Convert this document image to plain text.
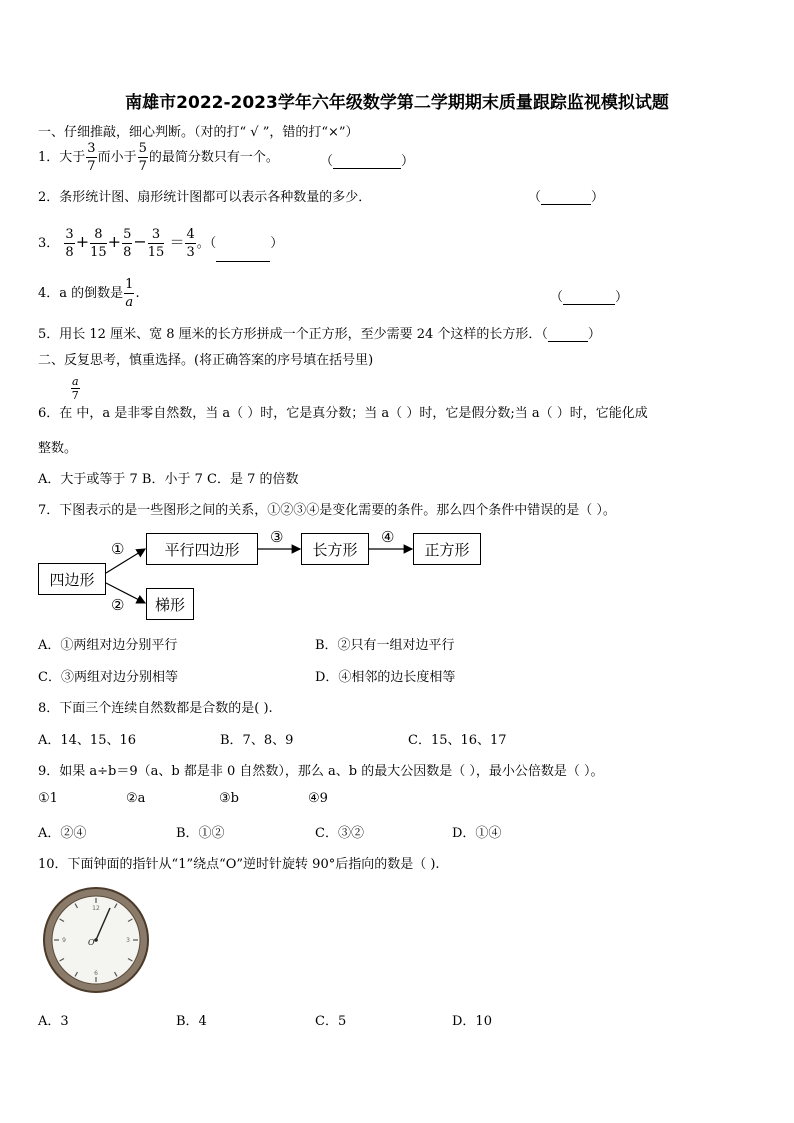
南雄市2022-2023学年六年级数学第二学期期末质量跟踪监视模拟试题
一、仔细推敲，细心判断。（对的打“ √ ”，错的打“×”）
1．大于 $\frac{3}{7}$ 而小于 $\frac{5}{7}$ 的最简分数只有一个。	（	）
2．条形统计图、扇形统计图都可以表示各种数量的多少．	（	）
3． $\frac{3}{8} + \frac{8}{15} + \frac{5}{8} - \frac{3}{15} = \frac{4}{3}$ 。（	）
4．a 的倒数是 $\frac{1}{a}$ .	（	）
5．用长 12 厘米、宽 8 厘米的长方形拼成一个正方形，至少需要 24 个这样的长方形．（	）
二、反复思考，慎重选择。(将正确答案的序号填在括号里)
a
7
6．在 中，a 是非零自然数，当 a（ ）时，它是真分数；当 a（ ）时，它是假分数;当 a（ ）时，它能化成
整数。
A．大于或等于 7 B．小于 7 C．是 7 的倍数
7．下图表示的是一些图形之间的关系，①②③④是变化需要的条件。那么四个条件中错误的是（ ）。
四边形
平行四边形	长方形	正方形
梯形
①
②
③	④
A．①两组对边分别平行	B．②只有一组对边平行
C．③两组对边分别相等	D．④相邻的边长度相等
8．下面三个连续自然数都是合数的是( ).
A．14、15、16	B．7、8、9	C．15、16、17
9．如果 a÷b＝9（a、b 都是非 0 自然数），那么 a、b 的最大公因数是（ ），最小公倍数是（ ）。
①1	②a	③b	④9
A．②④	B．①②	C．③②	D．①④
10．下面钟面的指针从“1”绕点“O”逆时针旋转 90°后指向的数是（ ).
12
3
6
9	O
A．3	B．4	C．5	D．10
